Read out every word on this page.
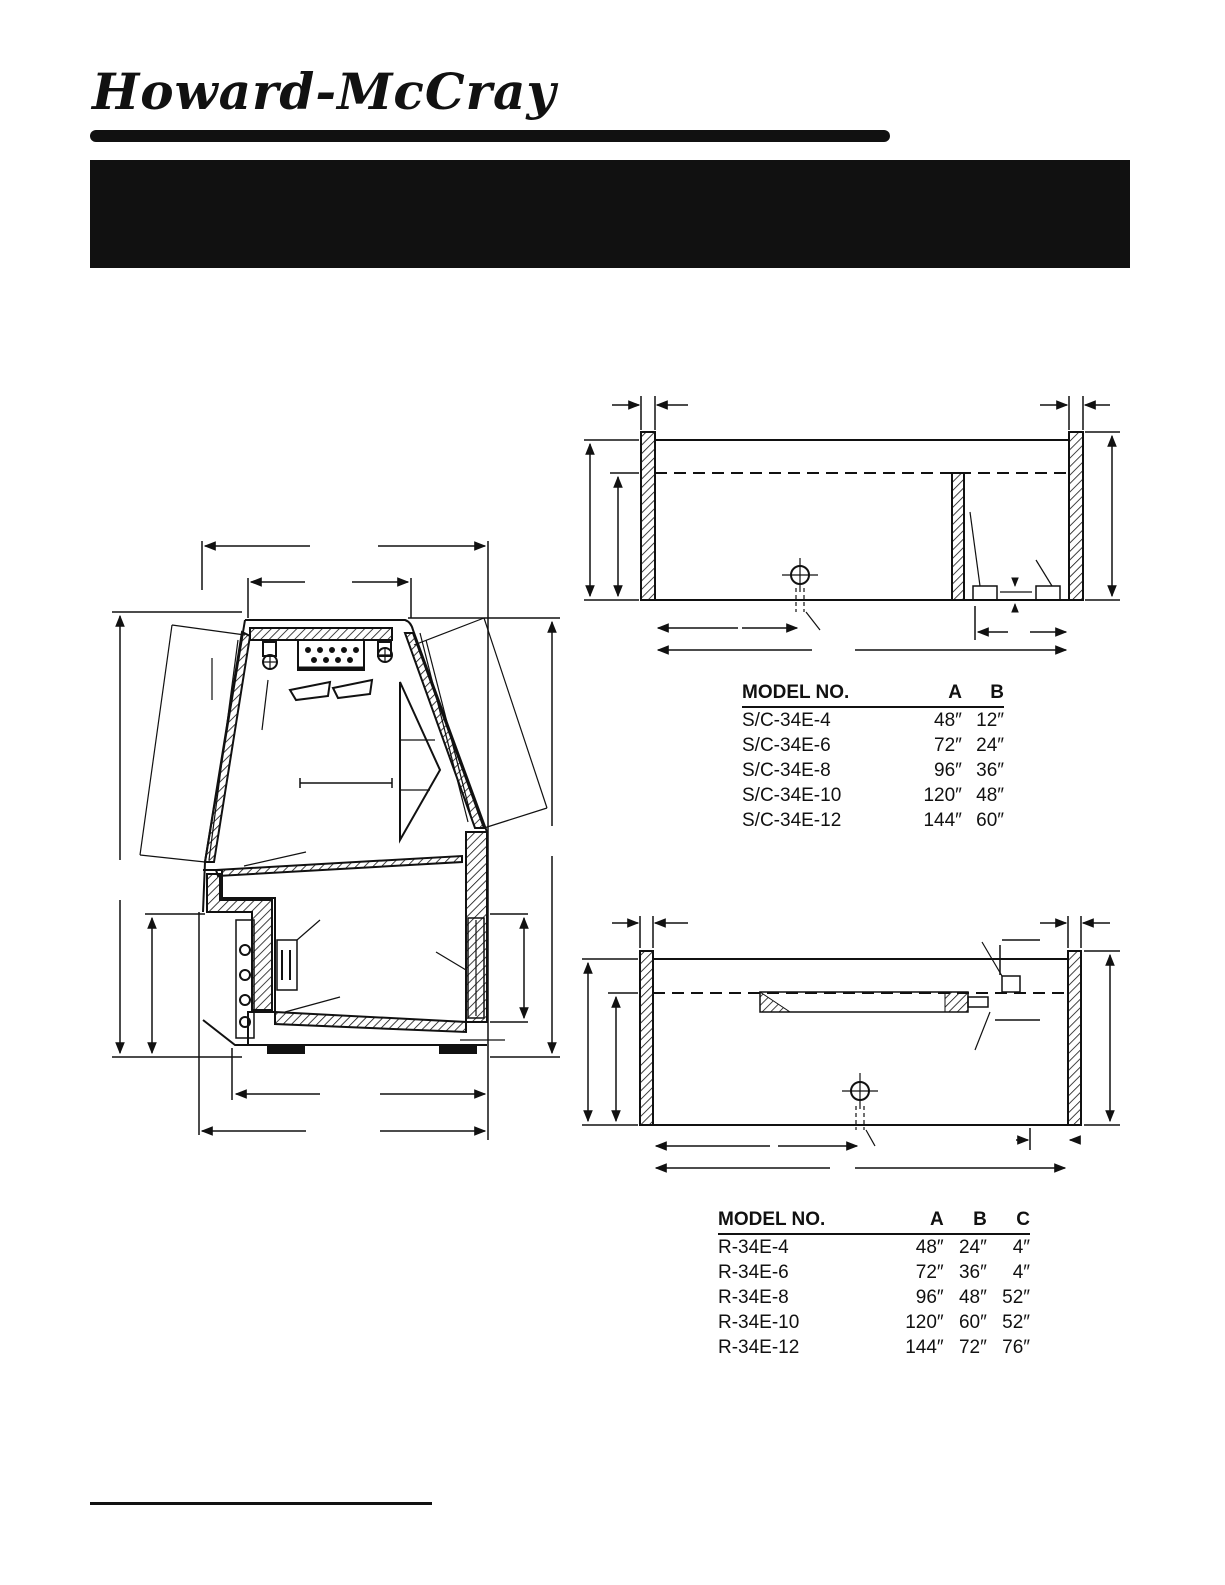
Howard-McCray
MODEL NO.	A	B
S/C-34E-4	48″	12″
S/C-34E-6	72″	24″
S/C-34E-8	96″	36″
S/C-34E-10	120″	48″
S/C-34E-12	144″	60″
MODEL NO.	A	B	C
R-34E-4	48″	24″	4″
R-34E-6	72″	36″	4″
R-34E-8	96″	48″	52″
R-34E-10	120″	60″	52″
R-34E-12	144″	72″	76″
